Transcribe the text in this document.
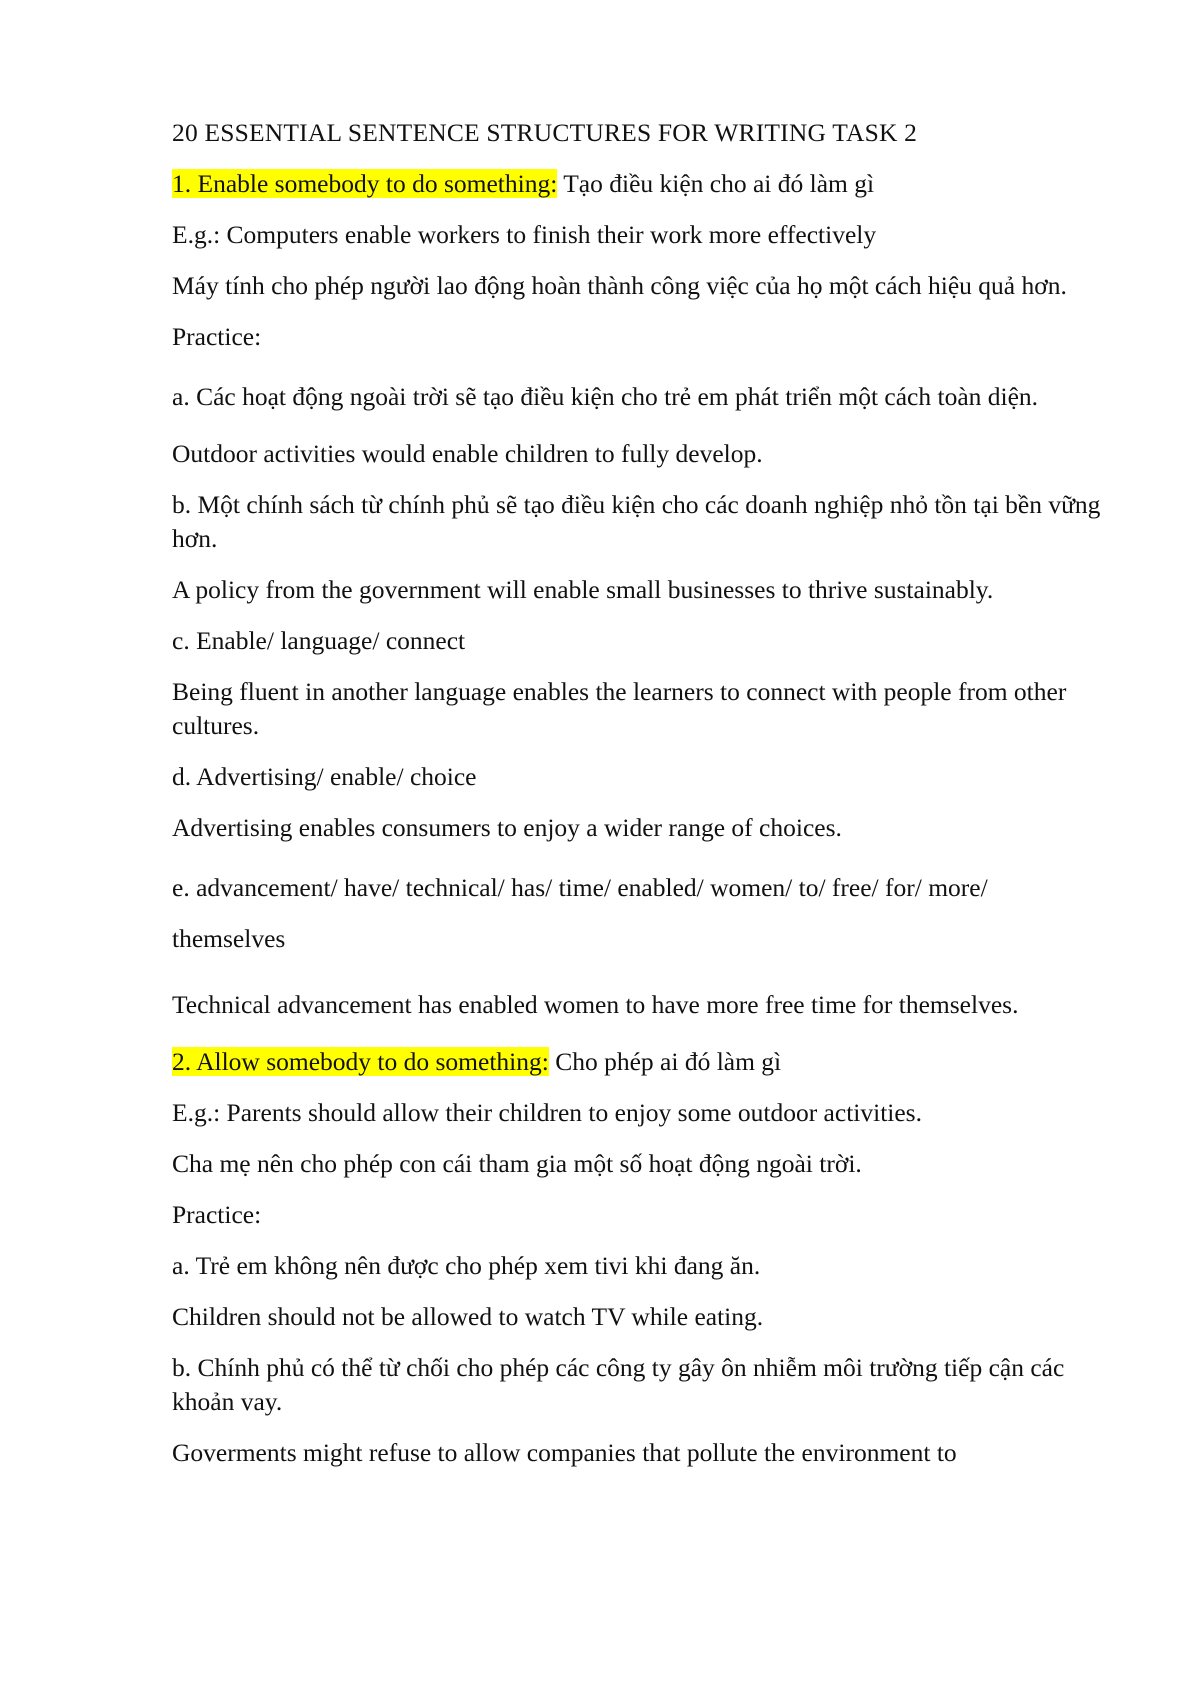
20 ESSENTIAL SENTENCE STRUCTURES FOR WRITING TASK 2
1. Enable somebody to do something: Tạo điều kiện cho ai đó làm gì
E.g.: Computers enable workers to finish their work more effectively
Máy tính cho phép người lao động hoàn thành công việc của họ một cách hiệu quả hơn.
Practice:
a. Các hoạt động ngoài trời sẽ tạo điều kiện cho trẻ em phát triển một cách toàn diện.
Outdoor activities would enable children to fully develop.
b. Một chính sách từ chính phủ sẽ tạo điều kiện cho các doanh nghiệp nhỏ tồn tại bền vững hơn.
A policy from the government will enable small businesses to thrive sustainably.
c. Enable/ language/ connect
Being fluent in another language enables the learners to connect with people from other cultures.
d. Advertising/ enable/ choice
Advertising enables consumers to enjoy a wider range of choices.
e. advancement/ have/ technical/ has/ time/ enabled/ women/ to/ free/ for/ more/ themselves
Technical advancement has enabled women to have more free time for themselves.
2. Allow somebody to do something: Cho phép ai đó làm gì
E.g.: Parents should allow their children to enjoy some outdoor activities.
Cha mẹ nên cho phép con cái tham gia một số hoạt động ngoài trời.
Practice:
a. Trẻ em không nên được cho phép xem tivi khi đang ăn.
Children should not be allowed to watch TV while eating.
b. Chính phủ có thể từ chối cho phép các công ty gây ôn nhiễm môi trường tiếp cận các khoản vay.
Goverments might refuse to allow companies that pollute the environment to
